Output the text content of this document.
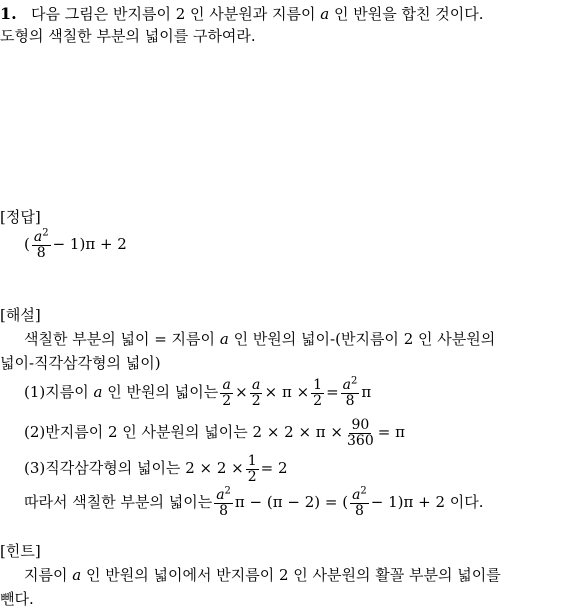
1. 다음 그림은 반지름이 2 인 사분원과 지름이 a 인 반원을 합친 것이다.
도형의 색칠한 부분의 넓이를 구하여라.
[정답]
( $\frac{a^2}{8} - 1)\pi + 2$
[해설]
색칠한 부분의 넓이 = 지름이 a 인 반원의 넓이-(반지름이 2 인 사분원의
넓이-직각삼각형의 넓이)
(1)지름이
a
인 반원의 넓이는 $\frac{a}{2} \times \frac{a}{2} \times \pi \times \frac{1}{2} = \frac{a^2}{8}$ π
(2)반지름이 2 인 사분원의 넓이는 $2 \times 2 \times \pi \times \frac{90}{360} = \pi$
(3)직각삼각형의 넓이는 $2 \times 2 \times \frac{1}{2} = 2$
따라서 색칠한 부분의 넓이는 $\frac{a^2}{8}$ π − (π − 2) = ( $\frac{a^2}{8} - 1)\pi + 2$ 이다.
[힌트]
지름이 a 인 반원의 넓이에서 반지름이 2 인 사분원의 활꼴 부분의 넓이를
뺀다.
